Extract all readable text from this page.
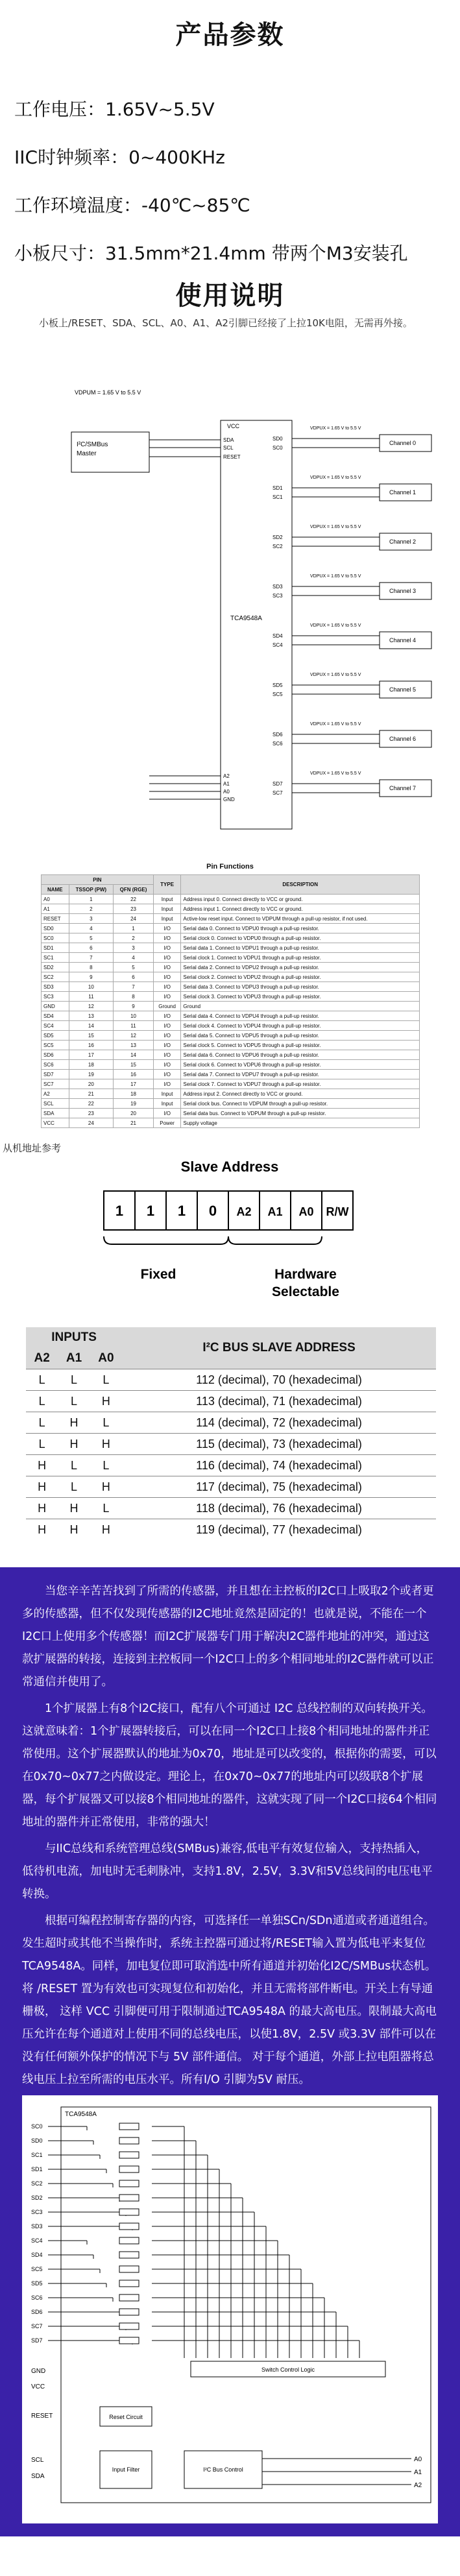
产品参数
工作电压：1.65V~5.5V
IIC时钟频率：0~400KHz
工作环境温度：-40℃~85℃
小板尺寸：31.5mm*21.4mm 带两个M3安装孔
使用说明
小板上/RESET、SDA、SCL、A0、A1、A2引脚已经接了上拉10K电阻，无需再外接。
VDPUM = 1.65 V to 5.5 V
I²C/SMBus
Master
VCC
TCA9548A
SDA
SCL
RESET
A2
A1
A0
GND
SD0
SC0
SD1
SC1
SD2
SC2
SD3
SC3
SD4
SC4
SD5
SC5
SD6
SC6
SD7
SC7
VDPUX = 1.65 V to 5.5 V
Channel 0
VDPUX = 1.65 V to 5.5 V
Channel 1
VDPUX = 1.65 V to 5.5 V
Channel 2
VDPUX = 1.65 V to 5.5 V
Channel 3
VDPUX = 1.65 V to 5.5 V
Channel 4
VDPUX = 1.65 V to 5.5 V
Channel 5
VDPUX = 1.65 V to 5.5 V
Channel 6
VDPUX = 1.65 V to 5.5 V
Channel 7
Pin Functions
PIN			TYPE	DESCRIPTION
NAME	TSSOP (PW)	QFN (RGE)		
A0	1	22	Input	Address input 0. Connect directly to VCC or ground.
A1	2	23	Input	Address input 1. Connect directly to VCC or ground.
RESET	3	24	Input	Active-low reset input. Connect to VDPUM through a pull-up resistor, if not used.
SD0	4	1	I/O	Serial data 0. Connect to VDPU0 through a pull-up resistor.
SC0	5	2	I/O	Serial clock 0. Connect to VDPU0 through a pull-up resistor.
SD1	6	3	I/O	Serial data 1. Connect to VDPU1 through a pull-up resistor.
SC1	7	4	I/O	Serial clock 1. Connect to VDPU1 through a pull-up resistor.
SD2	8	5	I/O	Serial data 2. Connect to VDPU2 through a pull-up resistor.
SC2	9	6	I/O	Serial clock 2. Connect to VDPU2 through a pull-up resistor.
SD3	10	7	I/O	Serial data 3. Connect to VDPU3 through a pull-up resistor.
SC3	11	8	I/O	Serial clock 3. Connect to VDPU3 through a pull-up resistor.
GND	12	9	Ground	Ground
SD4	13	10	I/O	Serial data 4. Connect to VDPU4 through a pull-up resistor.
SC4	14	11	I/O	Serial clock 4. Connect to VDPU4 through a pull-up resistor.
SD5	15	12	I/O	Serial data 5. Connect to VDPU5 through a pull-up resistor.
SC5	16	13	I/O	Serial clock 5. Connect to VDPU5 through a pull-up resistor.
SD6	17	14	I/O	Serial data 6. Connect to VDPU6 through a pull-up resistor.
SC6	18	15	I/O	Serial clock 6. Connect to VDPU6 through a pull-up resistor.
SD7	19	16	I/O	Serial data 7. Connect to VDPU7 through a pull-up resistor.
SC7	20	17	I/O	Serial clock 7. Connect to VDPU7 through a pull-up resistor.
A2	21	18	Input	Address input 2. Connect directly to VCC or ground.
SCL	22	19	Input	Serial clock bus. Connect to VDPUM through a pull-up resistor.
SDA	23	20	I/O	Serial data bus. Connect to VDPUM through a pull-up resistor.
VCC	24	21	Power	Supply voltage
从机地址参考
Slave Address
1 1 1 0 A2 A1 A0 R/W
Fixed	Hardware
Selectable
INPUTS			I²C BUS SLAVE ADDRESS
A2	A1	A0	
L	L	L	112 (decimal), 70 (hexadecimal)
L	L	H	113 (decimal), 71 (hexadecimal)
L	H	L	114 (decimal), 72 (hexadecimal)
L	H	H	115 (decimal), 73 (hexadecimal)
H	L	L	116 (decimal), 74 (hexadecimal)
H	L	H	117 (decimal), 75 (hexadecimal)
H	H	L	118 (decimal), 76 (hexadecimal)
H	H	H	119 (decimal), 77 (hexadecimal)

当您辛辛苦苦找到了所需的传感器，并且想在主控板的I2C口上吸取2个或者更多的传感器，但不仅发现传感器的I2C地址竟然是固定的！也就是说，不能在一个I2C口上使用多个传感器！而I2C扩展器专门用于解决I2C器件地址的冲突，通过这款扩展器的转接，连接到主控板同一个I2C口上的多个相同地址的I2C器件就可以正常通信并使用了。

1个扩展器上有8个I2C接口，配有八个可通过 I2C 总线控制的双向转换开关。这就意味着：1个扩展器转接后，可以在同一个I2C口上接8个相同地址的器件并正常使用。这个扩展器默认的地址为0x70，地址是可以改变的，根据你的需要，可以在0x70~0x77之内做设定。理论上，在0x70~0x77的地址内可以级联8个扩展器，每个扩展器又可以接8个相同地址的器件，这就实现了同一个I2C口接64个相同地址的器件并正常使用，非常的强大！

与IIC总线和系统管理总线(SMBus)兼容,低电平有效复位输入，支持热插入，低待机电流，加电时无毛刺脉冲，支持1.8V，2.5V，3.3V和5V总线间的电压电平转换。

根据可编程控制寄存器的内容，可选择任一单独SCn/SDn通道或者通道组合。发生超时或其他不当操作时，系统主控器可通过将/RESET输入置为低电平来复位TCA9548A。同样，加电复位即可取消选中所有通道并初始化I2C/SMBus状态机。将 /RESET 置为有效也可实现复位和初始化，并且无需将部件断电。开关上有导通栅极， 这样 VCC 引脚便可用于限制通过TCA9548A 的最大高电压。限制最大高电压允许在每个通道对上使用不同的总线电压，以使1.8V，2.5V 或3.3V 部件可以在没有任何额外保护的情况下与 5V 部件通信。 对于每个通道，外部上拉电阻器将总线电压上拉至所需的电压水平。所有I/O 引脚为5V 耐压。

TCA9548A
SC0
SD0
SC1
SD1
SC2
SD2
SC3
SD3
SC4
SD4
SC5
SD5
SC6
SD6
SC7
SD7
GND
VCC
Switch Control Logic
RESET	Reset Circuit
SCL
SDA
Input Filter	I²C Bus Control
A0
A1
A2
